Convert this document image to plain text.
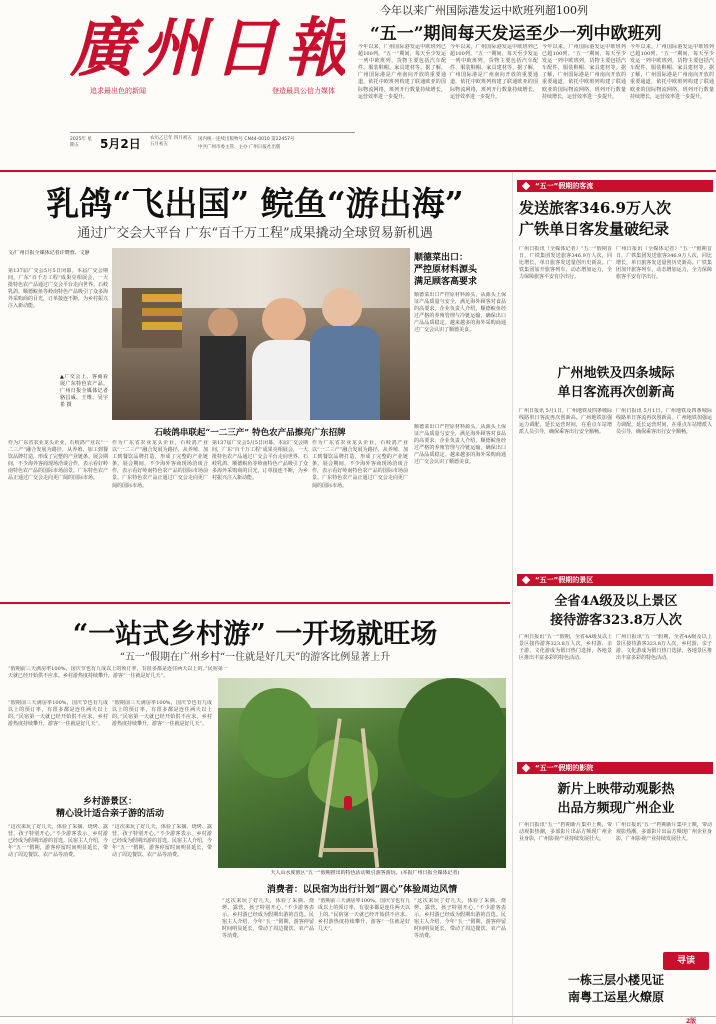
廣 州 日 報
追求最出色的新闻	登造最具公信力媒体
2025年 星期五	5月2日 农历乙巳年 四月初五 五月初五
国内统一连续出版物号 CN44-0010 第22457号
中共广州市委主管、主办 广州日报社出版
今年以来广州国际港发运中欧班列超100列
“五一”期间每天发运至少一列中欧班列
今年以来，广州国际港发运中欧班列已超100列。“五一”期间，每天至少发运一列中欧班列，货物主要包括汽车配件、服装鞋帽、家具建材等。据了解，广州国际港是广州南向开放的重要通道，依托中欧班列构建了联通欧亚的国际物流网络，班列开行数量持续增长，运营效率进一步提升。
今年以来，广州国际港发运中欧班列已超100列。“五一”期间，每天至少发运一列中欧班列，货物主要包括汽车配件、服装鞋帽、家具建材等。据了解，广州国际港是广州南向开放的重要通道，依托中欧班列构建了联通欧亚的国际物流网络，班列开行数量持续增长，运营效率进一步提升。
今年以来，广州国际港发运中欧班列已超100列。“五一”期间，每天至少发运一列中欧班列，货物主要包括汽车配件、服装鞋帽、家具建材等。据了解，广州国际港是广州南向开放的重要通道，依托中欧班列构建了联通欧亚的国际物流网络，班列开行数量持续增长，运营效率进一步提升。
今年以来，广州国际港发运中欧班列已超100列。“五一”期间，每天至少发运一列中欧班列，货物主要包括汽车配件、服装鞋帽、家具建材等。据了解，广州国际港是广州南向开放的重要通道，依托中欧班列构建了联通欧亚的国际物流网络，班列开行数量持续增长，运营效率进一步提升。
乳鸽“飞出国” 鲩鱼“游出海”
通过广交会大平台 广东“百千万工程”成果撬动全球贸易新机遇
文/广州日报全媒体记者许晓蓉、文静
第137届广交会5月5日闭幕。本届广交会期间，广东“百千万工程”成果亮相展会，一大批特色农产品通过广交会平台走向世界。石岐乳鸽、顺德鲩鱼等岭南特色产品吸引了众多海外采购商的目光，订单接连不断，为乡村振兴注入新动能。
▲广交会上，客商看展广东特色农产品。广州日报全媒体记者骆昌威、王维、吴宇希 摄
顺德菜出口：
严控原材料源头
满足顾客高要求
顺德菜出口严控原材料源头，从源头上保证产品质量与安全，满足海外顾客对食品的高要求。企业负责人介绍，顺德鲩鱼经过严格的养殖管理与冷链运输，确保出口产品品质稳定。越来越多的海外采购商通过广交会认识了顺德美食。
石岐鸽串联起“一二三产” 特色农产品擦亮广东招牌
作为广东省农业龙头企业，石岐鸽产业以“一二三产”融合发展为路径，从养殖、加工到餐饮品牌打造，形成了完整的产业链条。展会期间，不少海外客商现场洽谈合作，表示看好岭南特色农产品的国际市场前景。广东特色农产品正通过广交会走向更广阔的国际市场。
作为广东省农业龙头企业，石岐鸽产业以“一二三产”融合发展为路径，从养殖、加工到餐饮品牌打造，形成了完整的产业链条。展会期间，不少海外客商现场洽谈合作，表示看好岭南特色农产品的国际市场前景。广东特色农产品正通过广交会走向更广阔的国际市场。
第137届广交会5月5日闭幕。本届广交会期间，广东“百千万工程”成果亮相展会，一大批特色农产品通过广交会平台走向世界。石岐乳鸽、顺德鲩鱼等岭南特色产品吸引了众多海外采购商的目光，订单接连不断，为乡村振兴注入新动能。
作为广东省农业龙头企业，石岐鸽产业以“一二三产”融合发展为路径，从养殖、加工到餐饮品牌打造，形成了完整的产业链条。展会期间，不少海外客商现场洽谈合作，表示看好岭南特色农产品的国际市场前景。广东特色农产品正通过广交会走向更广阔的国际市场。
顺德菜出口严控原材料源头，从源头上保证产品质量与安全，满足海外顾客对食品的高要求。企业负责人介绍，顺德鲩鱼经过严格的养殖管理与冷链运输，确保出口产品品质稳定。越来越多的海外采购商通过广交会认识了顺德美食。
“五一”假期的客流
发送旅客346.9万人次
广铁单日客发量破纪录
广州日报讯（全媒体记者）“五一”假期首日，广铁集团发送旅客346.9万人次，同比增长，单日旅客发送量创历史新高。广铁集团加开旅客列车，动态增加运力，全力保障旅客平安有序出行。
广州日报讯（全媒体记者）“五一”假期首日，广铁集团发送旅客346.9万人次，同比增长，单日旅客发送量创历史新高。广铁集团加开旅客列车，动态增加运力，全力保障旅客平安有序出行。
广州地铁及四条城际
单日客流再次创新高
广州日报讯 5月1日，广州地铁及四条城际线路单日客流再次创新高。广州地铁加强运力调配，延长运营时间，在重点车站增派人员引导，确保乘客出行安全顺畅。
广州日报讯 5月1日，广州地铁及四条城际线路单日客流再次创新高。广州地铁加强运力调配，延长运营时间，在重点车站增派人员引导，确保乘客出行安全顺畅。
“五一”假期的景区
全省4A级及以上景区
接待游客323.8万人次
广州日报讯“五一”假期，全省4A级及以上景区接待游客323.8万人次，乡村游、亲子游、文化游成为假日热门选择，各地景区推出丰富多彩的特色活动。
广州日报讯“五一”假期，全省4A级及以上景区接待游客323.8万人次，乡村游、亲子游、文化游成为假日热门选择，各地景区推出丰富多彩的特色活动。
“五一”假期的影院
新片上映带动观影热
出品方频现广州企业
广州日报讯“五一”档期新片集中上映，带动观影热潮，多部影片出品方频现广州企业身影，广州影视产业持续发展壮大。
广州日报讯“五一”档期新片集中上映，带动观影热潮，多部影片出品方频现广州企业身影，广州影视产业持续发展壮大。
寻读
一栋三层小楼见证
南粤工运星火燎原
“一站式乡村游” 一开场就旺场
“五一”假期在广州乡村“一住就是好几天”的游客比例显著上升
“假期前三天满房率100%，国庆节也有九成以上的预订率，有很多都是连住两天以上的。”民宿第一天就已经开始供不应求。乡村游热度持续攀升，游客“一住就是好几天”。
“假期前三天满房率100%，国庆节也有九成以上的预订率，有很多都是连住两天以上的。”民宿第一天就已经开始供不应求。乡村游热度持续攀升，游客“一住就是好几天”。
“假期前三天满房率100%，国庆节也有九成以上的预订率，有很多都是连住两天以上的。”民宿第一天就已经开始供不应求。乡村游热度持续攀升，游客“一住就是好几天”。
乡村游景区：
精心设计适合亲子游的活动
“这次来玩了好几天，体验了采摘、烧烤、露营，孩子特别开心。”不少游客表示，乡村游已经成为假期出游的首选。民宿主人介绍，今年“五一”假期，游客停留时间明显延长，带动了周边餐饮、农产品等消费。
“这次来玩了好几天，体验了采摘、烧烤、露营，孩子特别开心。”不少游客表示，乡村游已经成为假期出游的首选。民宿主人介绍，今年“五一”假期，游客停留时间明显延长，带动了周边餐饮、农产品等消费。
天人山水度假区“五一”假期推出的特色活动吸引游客游玩。(本报广州日报全媒体记者)
消费者：以民宿为出行计划“圆心”体验周边风情
“这次来玩了好几天，体验了采摘、烧烤、露营，孩子特别开心。”不少游客表示，乡村游已经成为假期出游的首选。民宿主人介绍，今年“五一”假期，游客停留时间明显延长，带动了周边餐饮、农产品等消费。
“假期前三天满房率100%，国庆节也有九成以上的预订率，有很多都是连住两天以上的。”民宿第一天就已经开始供不应求。乡村游热度持续攀升，游客“一住就是好几天”。
“这次来玩了好几天，体验了采摘、烧烤、露营，孩子特别开心。”不少游客表示，乡村游已经成为假期出游的首选。民宿主人介绍，今年“五一”假期，游客停留时间明显延长，带动了周边餐饮、农产品等消费。
2版
